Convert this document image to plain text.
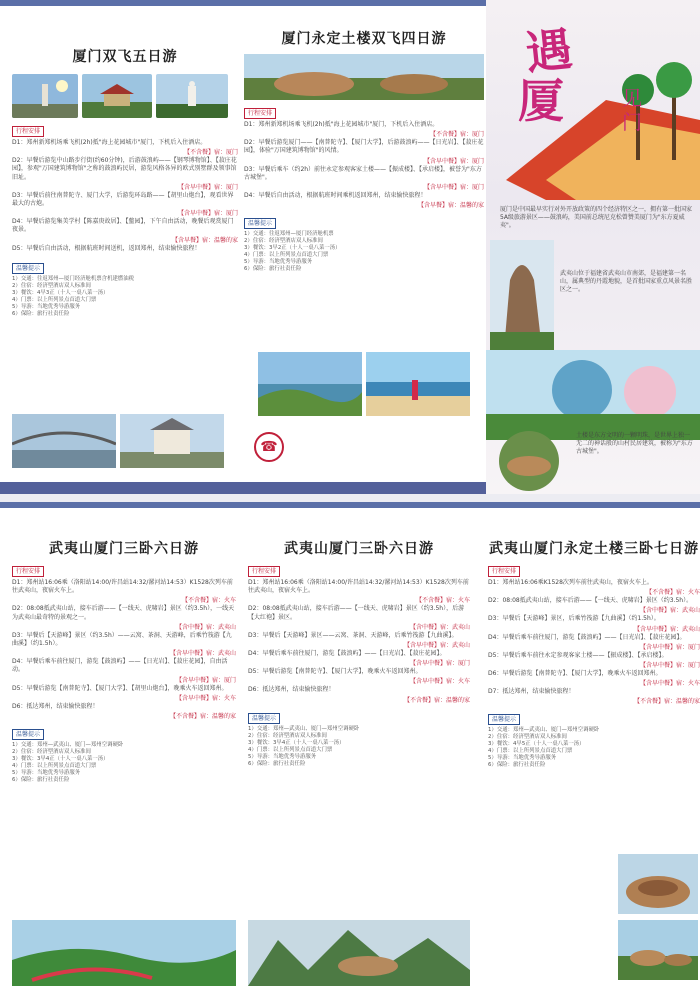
厦门双飞五日游
行程安排
D1：郑州新郑机场乘飞机(2h)抵"海上花园城市"厦门，下机后入住酒店。
【不含餐】宿：厦门
D2：早餐后游览中山路步行街(约60分钟)，后游鼓浪屿——【钢琴博物馆】、【菽庄花园】，参观"万国建筑博物馆"之称的鼓浪屿民居，游览风格各异的欧式别墅群及领事馆旧址。
【含早中餐】宿：厦门
D3：早餐后前往南普陀寺、厦门大学，后游览环岛路——【胡里山炮台】，观看世界最大的古炮。
【含早中餐】宿：厦门
D4：早餐后游览集美学村【陈嘉庚故居】、【鳌园】，下午自由活动，晚餐后观赏厦门夜景。
【含早餐】宿：温馨的家
D5：早餐后自由活动，根据航班时间送机，返回郑州，结束愉快旅程！
温馨提示
1）交通：往返郑州—厦门经济舱机票含机建燃油税
2）住宿：经济型酒店双人标准间
3）餐饮：4早3正（十人一桌八菜一汤）
4）门票：以上所列景点首道大门票
5）导游：当地优秀导游服务
6）保险：旅行社责任险
厦门永定土楼双飞四日游
行程安排
D1：郑州新郑机场乘飞机(2h)抵"海上花园城市"厦门，下机后入住酒店。
【不含餐】宿：厦门
D2：早餐后游览厦门——【南普陀寺】、【厦门大学】，后游鼓浪屿——【日光岩】、【菽庄花园】，体验"万国建筑博物馆"的风情。
【含早中餐】宿：厦门
D3：早餐后乘车（约2h）前往永定参观客家土楼——【振成楼】、【承启楼】，被誉为"东方古城堡"。
【含早中餐】宿：厦门
D4：早餐后自由活动，根据航班时间乘机返回郑州，结束愉快旅程！
【含早餐】宿：温馨的家
温馨提示
1）交通：往返郑州—厦门经济舱机票
2）住宿：经济型酒店双人标准间
3）餐饮：3早2正（十人一桌八菜一汤）
4）门票：以上所列景点首道大门票
5）导游：当地优秀导游服务
6）保险：旅行社责任险
☎
遇
厦	见门
厦门是中国最早实行对外开放政策的四个经济特区之一，拥有第一批国家5A级旅游景区——鼓浪屿，美国前总统尼克松曾赞美厦门为"东方夏威夷"。
武夷山位于福建省武夷山市南郊，是福建第一名山，属典型的丹霞地貌，是首批国家重点风景名胜区之一。
土楼是东方文明的一颗明珠，是世界上独一无二的神话般的山村民居建筑，被称为"东方古城堡"。
武夷山厦门三卧六日游
行程安排
D1：郑州站16:06乘（洛阳站14:00/许昌站14:32/漯河站14:53）K1528次列车前往武夷山，夜宿火车上。
【不含餐】宿：火车
D2：08:08抵武夷山站，接车后游——【一线天、虎啸岩】景区（约3.5h），一线天为武夷山最奇特的景观之一。
【含中餐】宿：武夷山
D3：早餐后【天游峰】景区（约3.5h）——云窝、茶洞、天游峰，后乘竹筏游【九曲溪】（约1.5h）。
【含早中餐】宿：武夷山
D4：早餐后乘车前往厦门，游览【鼓浪屿】——【日光岩】、【菽庄花园】，自由活动。
【含早中餐】宿：厦门
D5：早餐后游览【南普陀寺】、【厦门大学】、【胡里山炮台】，晚乘火车返回郑州。
【含早中餐】宿：火车
D6：抵达郑州，结束愉快旅程！
【不含餐】宿：温馨的家
温馨提示
1）交通：郑州—武夷山、厦门—郑州空调硬卧
2）住宿：经济型酒店双人标准间
3）餐饮：3早4正（十人一桌八菜一汤）
4）门票：以上所列景点首道大门票
5）导游：当地优秀导游服务
6）保险：旅行社责任险
武夷山厦门三卧六日游
行程安排
D1：郑州站16:06乘（洛阳站14:00/许昌站14:32/漯河站14:53）K1528次列车前往武夷山，夜宿火车上。
【不含餐】宿：火车
D2：08:08抵武夷山站，接车后游——【一线天、虎啸岩】景区（约3.5h），后游【大红袍】景区。
【含中餐】宿：武夷山
D3：早餐后【天游峰】景区——云窝、茶洞、天游峰，后乘竹筏游【九曲溪】。
【含早中餐】宿：武夷山
D4：早餐后乘车前往厦门，游览【鼓浪屿】——【日光岩】、【菽庄花园】。
【含早中餐】宿：厦门
D5：早餐后游览【南普陀寺】、【厦门大学】，晚乘火车返回郑州。
【含早中餐】宿：火车
D6：抵达郑州，结束愉快旅程！
【不含餐】宿：温馨的家
温馨提示
1）交通：郑州—武夷山、厦门—郑州空调硬卧
2）住宿：经济型酒店双人标准间
3）餐饮：3早4正（十人一桌八菜一汤）
4）门票：以上所列景点首道大门票
5）导游：当地优秀导游服务
6）保险：旅行社责任险
武夷山厦门永定土楼三卧七日游
行程安排
D1：郑州站16:06乘K1528次列车前往武夷山，夜宿火车上。
【不含餐】宿：火车
D2：08:08抵武夷山站，接车后游——【一线天、虎啸岩】景区（约3.5h）。
【含中餐】宿：武夷山
D3：早餐后【天游峰】景区，后乘竹筏游【九曲溪】（约1.5h）。
【含早中餐】宿：武夷山
D4：早餐后乘车前往厦门，游览【鼓浪屿】——【日光岩】、【菽庄花园】。
【含早中餐】宿：厦门
D5：早餐后乘车前往永定参观客家土楼——【振成楼】、【承启楼】。
【含早中餐】宿：厦门
D6：早餐后游览【南普陀寺】、【厦门大学】，晚乘火车返回郑州。
【含早中餐】宿：火车
D7：抵达郑州，结束愉快旅程！
【不含餐】宿：温馨的家
温馨提示
1）交通：郑州—武夷山、厦门—郑州空调硬卧
2）住宿：经济型酒店双人标准间
3）餐饮：4早5正（十人一桌八菜一汤）
4）门票：以上所列景点首道大门票
5）导游：当地优秀导游服务
6）保险：旅行社责任险
